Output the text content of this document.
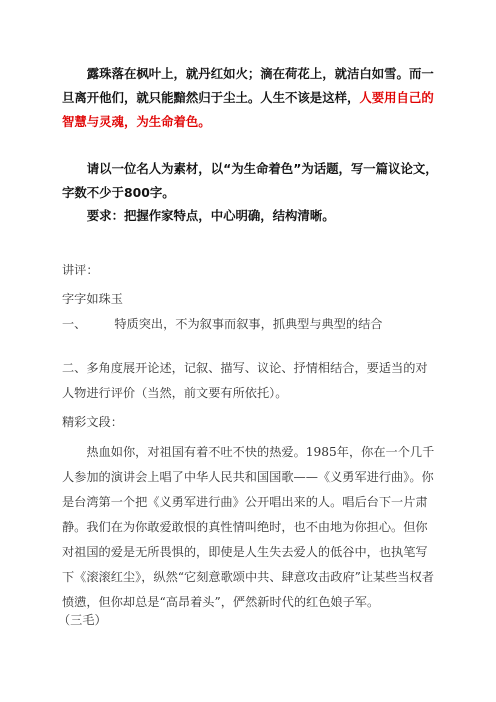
露珠落在枫叶上，就丹红如火；滴在荷花上，就洁白如雪。而一旦离开他们，就只能黯然归于尘土。人生不该是这样，人要用自己的智慧与灵魂，为生命着色。

请以一位名人为素材，以“为生命着色”为话题，写一篇议论文，字数不少于800字。

要求：把握作家特点，中心明确，结构清晰。

讲评：

字字如珠玉

一、 特质突出，不为叙事而叙事，抓典型与典型的结合

二、多角度展开论述，记叙、描写、议论、抒情相结合，要适当的对人物进行评价（当然，前文要有所依托）。

精彩文段：

热血如你，对祖国有着不吐不快的热爱。1985年，你在一个几千人参加的演讲会上唱了中华人民共和国国歌——《义勇军进行曲》。你是台湾第一个把《义勇军进行曲》公开唱出来的人。唱后台下一片肃静。我们在为你敢爱敢恨的真性情叫绝时，也不由地为你担心。但你对祖国的爱是无所畏惧的，即使是人生失去爱人的低谷中，也执笔写下《滚滚红尘》，纵然“它刻意歌颂中共、肆意攻击政府”让某些当权者愤懑，但你却总是“高昂着头”，俨然新时代的红色娘子军。

（三毛）
